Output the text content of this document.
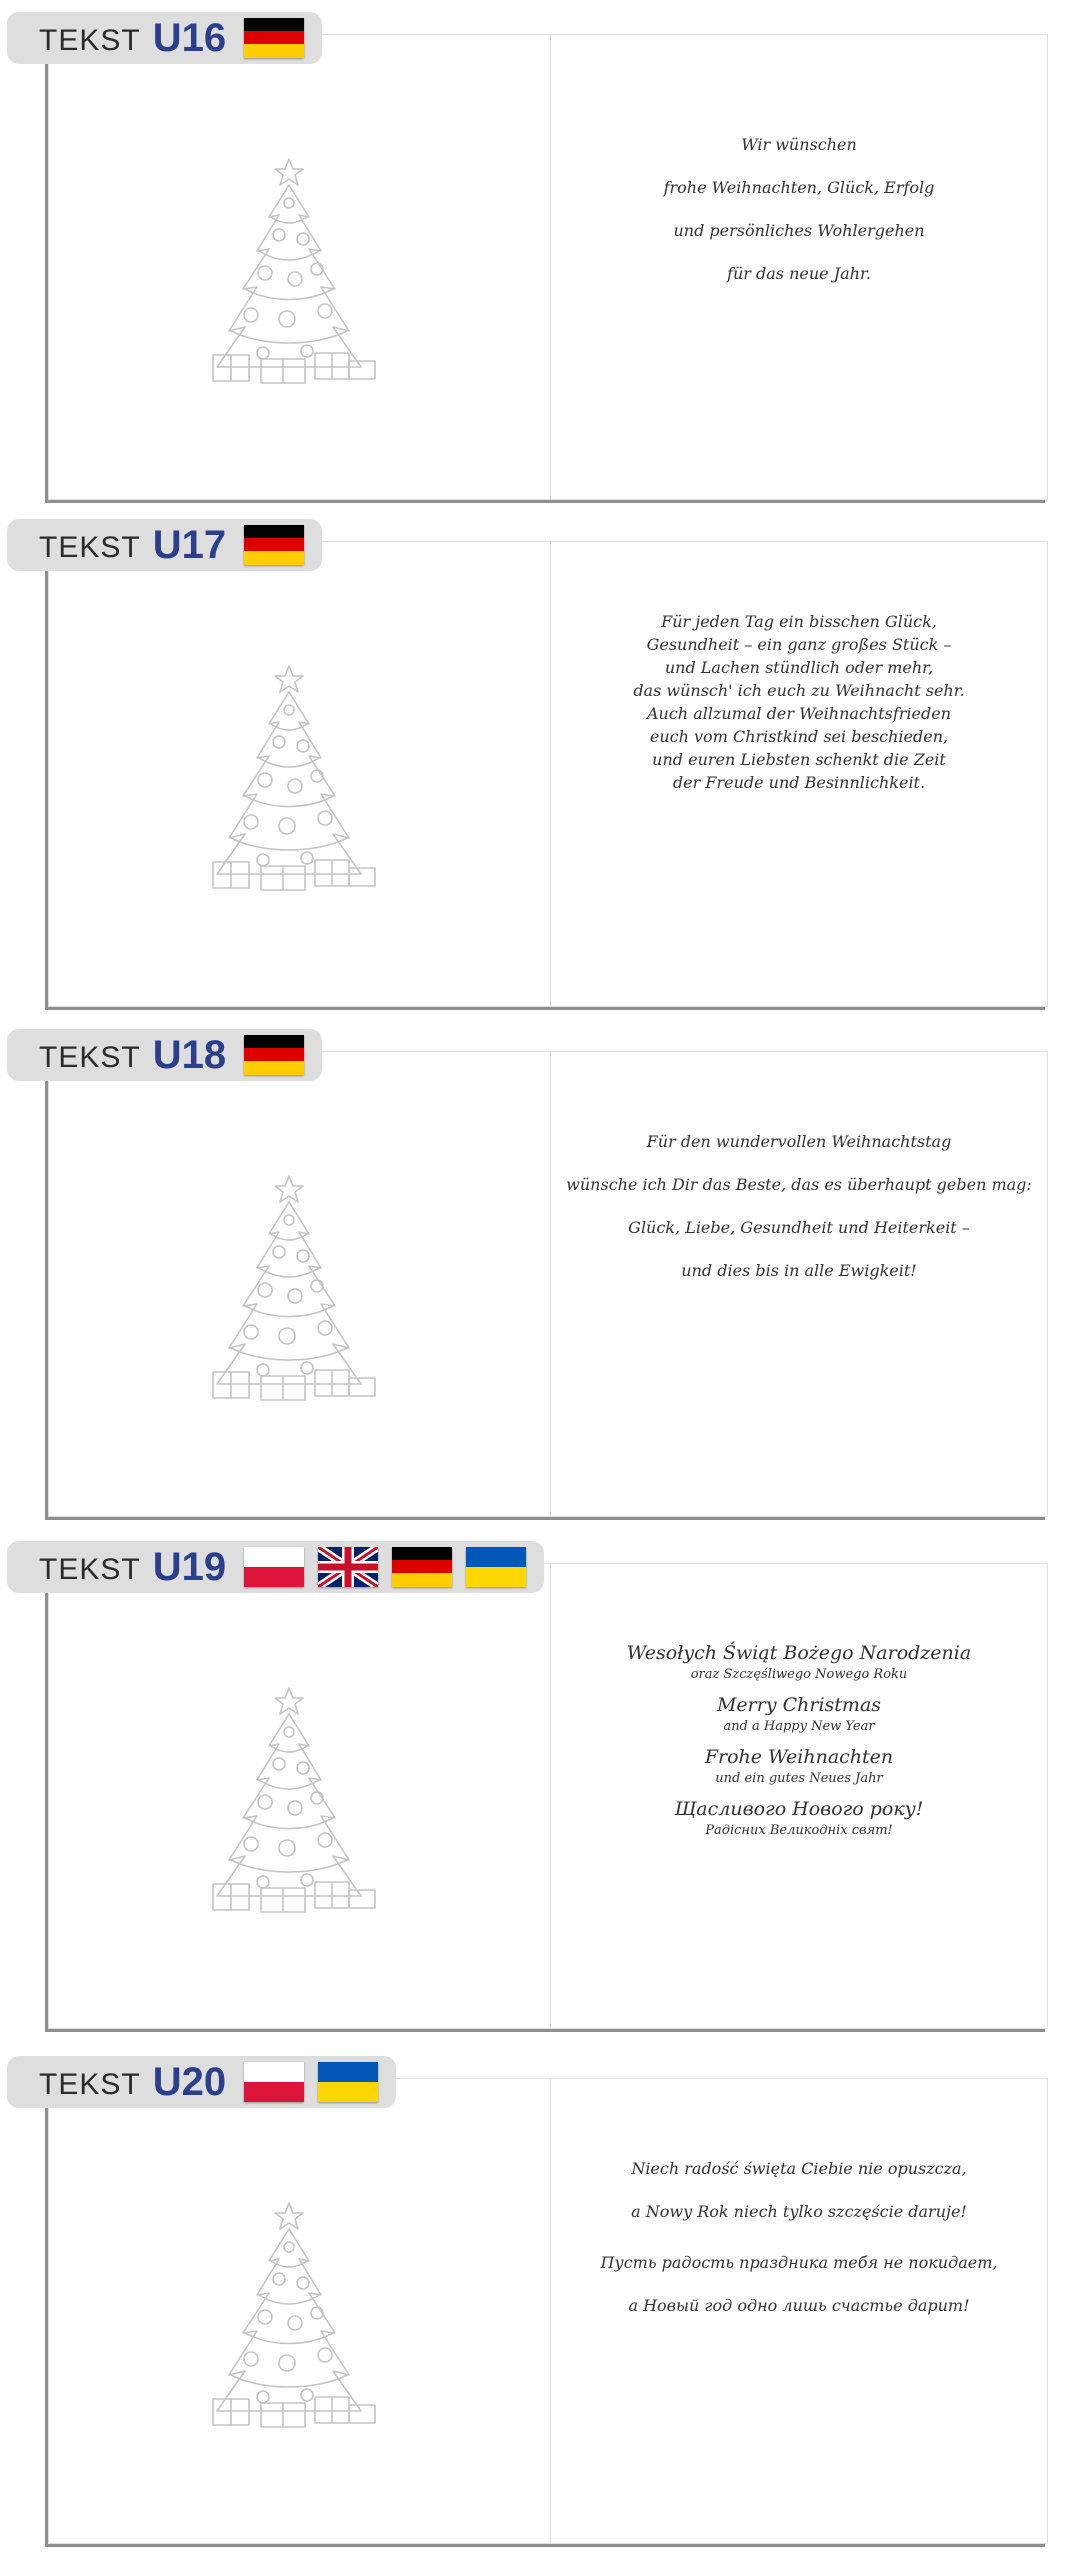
Wir wünschen
frohe Weihnachten, Glück, Erfolg
und persönliches Wohlergehen
für das neue Jahr.
TEKST U16
Für jeden Tag ein bisschen Glück,
Gesundheit – ein ganz großes Stück –
und Lachen stündlich oder mehr,
das wünsch' ich euch zu Weihnacht sehr.
Auch allzumal der Weihnachtsfrieden
euch vom Christkind sei beschieden,
und euren Liebsten schenkt die Zeit
der Freude und Besinnlichkeit.
TEKST U17
Für den wundervollen Weihnachtstag
wünsche ich Dir das Beste, das es überhaupt geben mag:
Glück, Liebe, Gesundheit und Heiterkeit –
und dies bis in alle Ewigkeit!
TEKST U18
Wesołych Świąt Bożego Narodzenia
oraz Szczęśliwego Nowego Roku
Merry Christmas
and a Happy New Year
Frohe Weihnachten
und ein gutes Neues Jahr
Щасливого Нового року!
Радісних Великодніх свят!
TEKST U19
Niech radość święta Ciebie nie opuszcza,
a Nowy Rok niech tylko szczęście daruje!
Пусть радость праздника тебя не покидает,
а Новый год одно лишь счастье дарит!
TEKST U20
